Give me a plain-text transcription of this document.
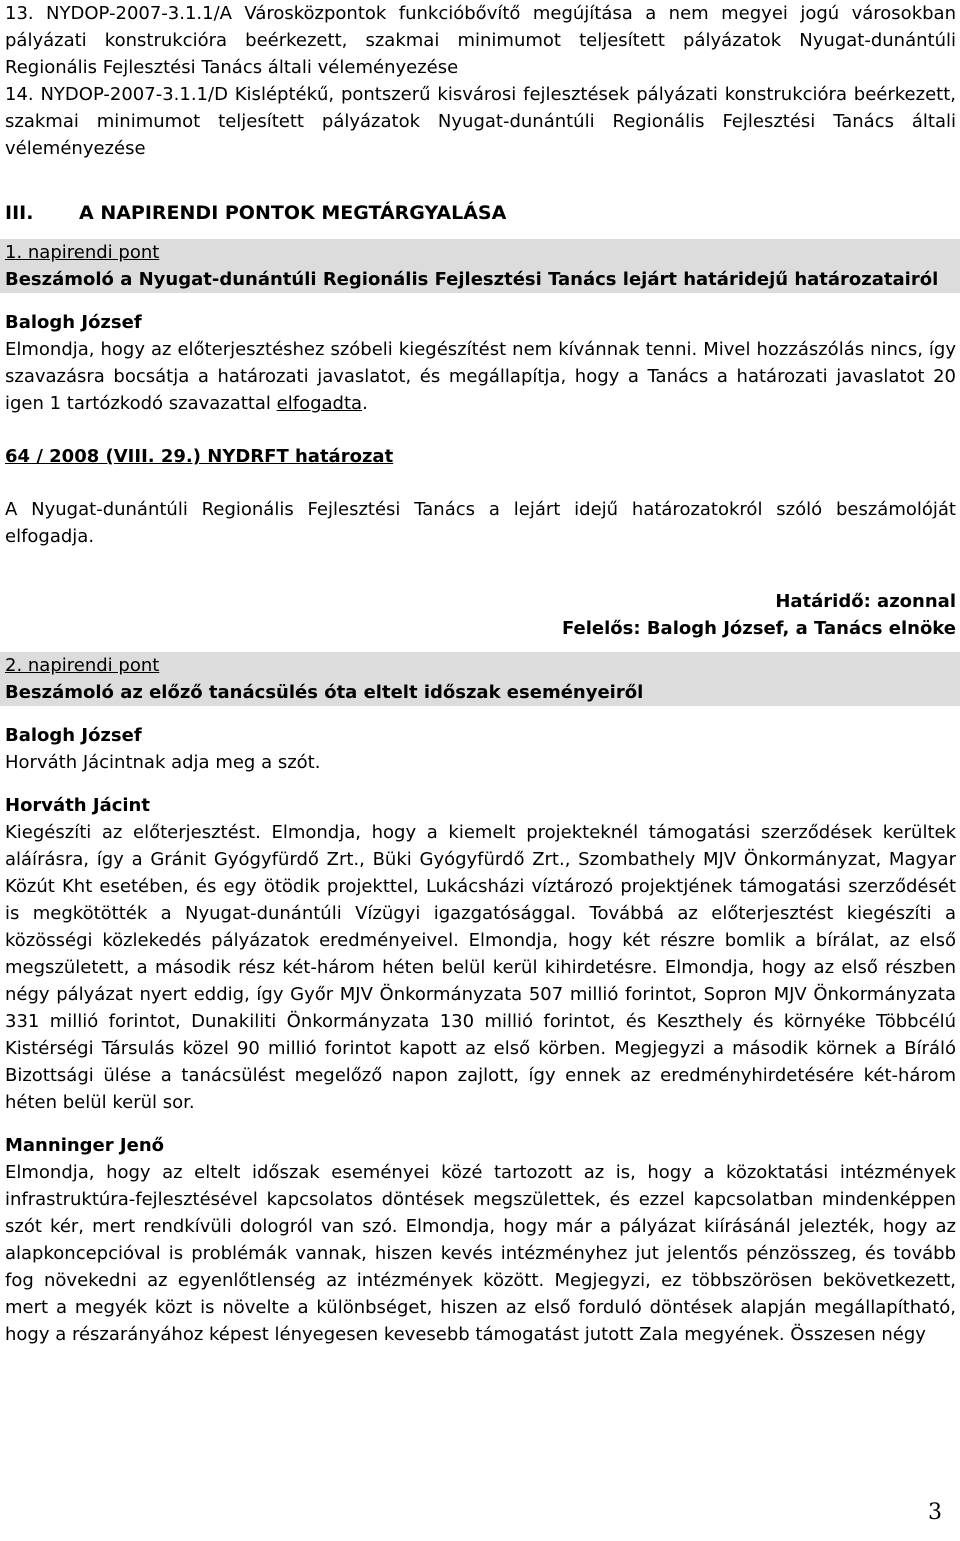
13. NYDOP-2007-3.1.1/A Városközpontok funkcióbővítő megújítása a nem megyei jogú városokban pályázati konstrukcióra beérkezett, szakmai minimumot teljesített pályázatok Nyugat-dunántúli Regionális Fejlesztési Tanács általi véleményezése

14. NYDOP-2007-3.1.1/D Kisléptékű, pontszerű kisvárosi fejlesztések pályázati konstrukcióra beérkezett, szakmai minimumot teljesített pályázatok Nyugat-dunántúli Regionális Fejlesztési Tanács általi véleményezése

III.	A NAPIRENDI PONTOK MEGTÁRGYALÁSA
1. napirendi pont

Beszámoló a Nyugat-dunántúli Regionális Fejlesztési Tanács lejárt határidejű határozatairól

Balogh József

Elmondja, hogy az előterjesztéshez szóbeli kiegészítést nem kívánnak tenni. Mivel hozzászólás nincs, így szavazásra bocsátja a határozati javaslatot, és megállapítja, hogy a Tanács a határozati javaslatot 20 igen 1 tartózkodó szavazattal elfogadta.

64 / 2008 (VIII. 29.) NYDRFT határozat

A Nyugat-dunántúli Regionális Fejlesztési Tanács a lejárt idejű határozatokról szóló beszámolóját elfogadja.

Határidő: azonnal
Felelős: Balogh József, a Tanács elnöke
2. napirendi pont

Beszámoló az előző tanácsülés óta eltelt időszak eseményeiről

Balogh József

Horváth Jácintnak adja meg a szót.

Horváth Jácint

Kiegészíti az előterjesztést. Elmondja, hogy a kiemelt projekteknél támogatási szerződések kerültek aláírásra, így a Gránit Gyógyfürdő Zrt., Büki Gyógyfürdő Zrt., Szombathely MJV Önkormányzat, Magyar Közút Kht esetében, és egy ötödik projekttel, Lukácsházi víztározó projektjének támogatási szerződését is megkötötték a Nyugat-dunántúli Vízügyi igazgatósággal. Továbbá az előterjesztést kiegészíti a közösségi közlekedés pályázatok eredményeivel. Elmondja, hogy két részre bomlik a bírálat, az első megszületett, a második rész két-három héten belül kerül kihirdetésre. Elmondja, hogy az első részben négy pályázat nyert eddig, így Győr MJV Önkormányzata 507 millió forintot, Sopron MJV Önkormányzata 331 millió forintot, Dunakiliti Önkormányzata 130 millió forintot, és Keszthely és környéke Többcélú Kistérségi Társulás közel 90 millió forintot kapott az első körben. Megjegyzi a második körnek a Bíráló Bizottsági ülése a tanácsülést megelőző napon zajlott, így ennek az eredményhirdetésére két-három héten belül kerül sor.

Manninger Jenő

Elmondja, hogy az eltelt időszak eseményei közé tartozott az is, hogy a közoktatási intézmények infrastruktúra-fejlesztésével kapcsolatos döntések megszülettek, és ezzel kapcsolatban mindenképpen szót kér, mert rendkívüli dologról van szó. Elmondja, hogy már a pályázat kiírásánál jelezték, hogy az alapkoncepcióval is problémák vannak, hiszen kevés intézményhez jut jelentős pénzösszeg, és tovább fog növekedni az egyenlőtlenség az intézmények között. Megjegyzi, ez többszörösen bekövetkezett, mert a megyék közt is növelte a különbséget, hiszen az első forduló döntések alapján megállapítható, hogy a részarányához képest lényegesen kevesebb támogatást jutott Zala megyének. Összesen négy

3
